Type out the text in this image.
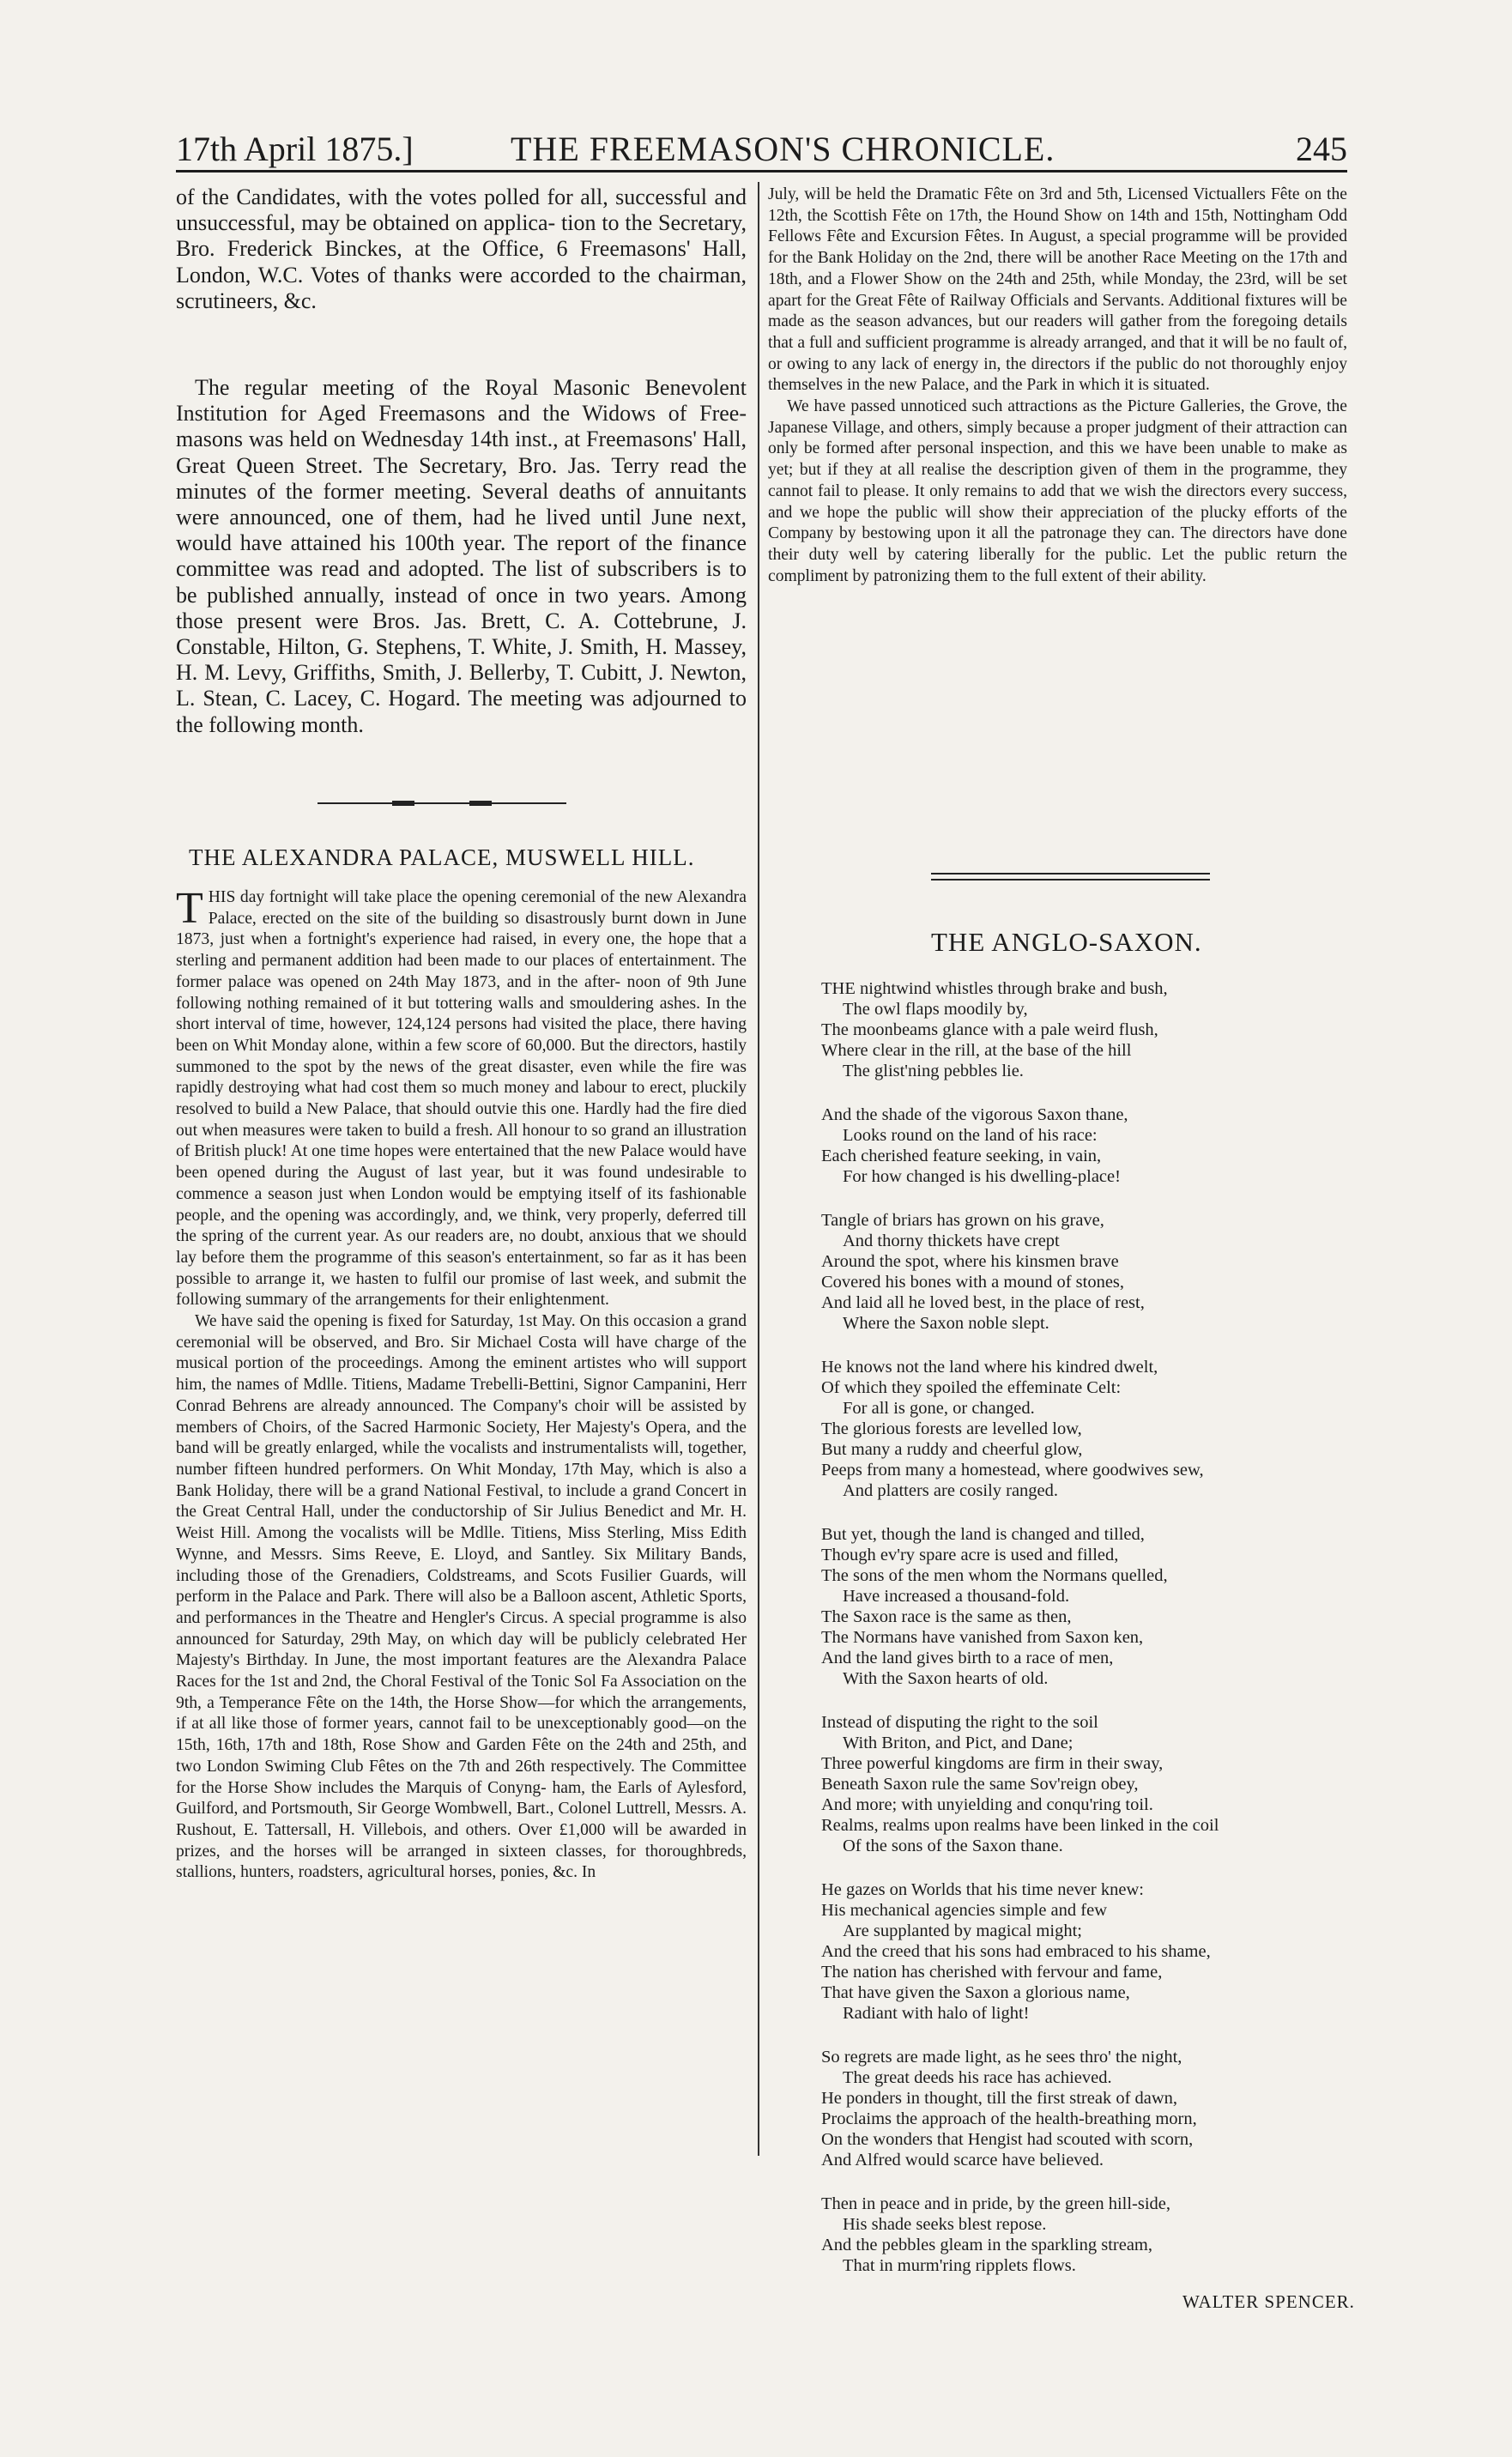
17th April 1875.]	THE FREEMASON'S CHRONICLE.	245

of the Candidates, with the votes polled for all, successful and unsuccessful, may be obtained on applica- tion to the Secretary, Bro. Frederick Binckes, at the Office, 6 Freemasons' Hall, London, W.C. Votes of thanks were accorded to the chairman, scrutineers, &c.

The regular meeting of the Royal Masonic Benevolent Institution for Aged Freemasons and the Widows of Free- masons was held on Wednesday 14th inst., at Freemasons' Hall, Great Queen Street. The Secretary, Bro. Jas. Terry read the minutes of the former meeting. Several deaths of annuitants were announced, one of them, had he lived until June next, would have attained his 100th year. The report of the finance committee was read and adopted. The list of subscribers is to be published annually, instead of once in two years. Among those present were Bros. Jas. Brett, C. A. Cottebrune, J. Constable, Hilton, G. Stephens, T. White, J. Smith, H. Massey, H. M. Levy, Griffiths, Smith, J. Bellerby, T. Cubitt, J. Newton, L. Stean, C. Lacey, C. Hogard. The meeting was adjourned to the following month.

THE ALEXANDRA PALACE, MUSWELL HILL.

THIS day fortnight will take place the opening ceremonial of the new Alexandra Palace, erected on the site of the building so disastrously burnt down in June 1873, just when a fortnight's experience had raised, in every one, the hope that a sterling and permanent addition had been made to our places of entertainment. The former palace was opened on 24th May 1873, and in the after- noon of 9th June following nothing remained of it but tottering walls and smouldering ashes. In the short interval of time, however, 124,124 persons had visited the place, there having been on Whit Monday alone, within a few score of 60,000. But the directors, hastily summoned to the spot by the news of the great disaster, even while the fire was rapidly destroying what had cost them so much money and labour to erect, pluckily resolved to build a New Palace, that should outvie this one. Hardly had the fire died out when measures were taken to build a fresh. All honour to so grand an illustration of British pluck! At one time hopes were entertained that the new Palace would have been opened during the August of last year, but it was found undesirable to commence a season just when London would be emptying itself of its fashionable people, and the opening was accordingly, and, we think, very properly, deferred till the spring of the current year. As our readers are, no doubt, anxious that we should lay before them the programme of this season's entertainment, so far as it has been possible to arrange it, we hasten to fulfil our promise of last week, and submit the following summary of the arrangements for their enlightenment.

We have said the opening is fixed for Saturday, 1st May. On this occasion a grand ceremonial will be observed, and Bro. Sir Michael Costa will have charge of the musical portion of the proceedings. Among the eminent artistes who will support him, the names of Mdlle. Titiens, Madame Trebelli-Bettini, Signor Campanini, Herr Conrad Behrens are already announced. The Company's choir will be assisted by members of Choirs, of the Sacred Harmonic Society, Her Majesty's Opera, and the band will be greatly enlarged, while the vocalists and instrumentalists will, together, number fifteen hundred performers. On Whit Monday, 17th May, which is also a Bank Holiday, there will be a grand National Festival, to include a grand Concert in the Great Central Hall, under the conductorship of Sir Julius Benedict and Mr. H. Weist Hill. Among the vocalists will be Mdlle. Titiens, Miss Sterling, Miss Edith Wynne, and Messrs. Sims Reeve, E. Lloyd, and Santley. Six Military Bands, including those of the Grenadiers, Coldstreams, and Scots Fusilier Guards, will perform in the Palace and Park. There will also be a Balloon ascent, Athletic Sports, and performances in the Theatre and Hengler's Circus. A special programme is also announced for Saturday, 29th May, on which day will be publicly celebrated Her Majesty's Birthday. In June, the most important features are the Alexandra Palace Races for the 1st and 2nd, the Choral Festival of the Tonic Sol Fa Association on the 9th, a Temperance Fête on the 14th, the Horse Show—for which the arrangements, if at all like those of former years, cannot fail to be unexceptionably good—on the 15th, 16th, 17th and 18th, Rose Show and Garden Fête on the 24th and 25th, and two London Swiming Club Fêtes on the 7th and 26th respectively. The Committee for the Horse Show includes the Marquis of Conyng- ham, the Earls of Aylesford, Guilford, and Portsmouth, Sir George Wombwell, Bart., Colonel Luttrell, Messrs. A. Rushout, E. Tattersall, H. Villebois, and others. Over £1,000 will be awarded in prizes, and the horses will be arranged in sixteen classes, for thoroughbreds, stallions, hunters, roadsters, agricultural horses, ponies, &c. In

July, will be held the Dramatic Fête on 3rd and 5th, Licensed Victuallers Fête on the 12th, the Scottish Fête on 17th, the Hound Show on 14th and 15th, Nottingham Odd Fellows Fête and Excursion Fêtes. In August, a special programme will be provided for the Bank Holiday on the 2nd, there will be another Race Meeting on the 17th and 18th, and a Flower Show on the 24th and 25th, while Monday, the 23rd, will be set apart for the Great Fête of Railway Officials and Servants. Additional fixtures will be made as the season advances, but our readers will gather from the foregoing details that a full and sufficient programme is already arranged, and that it will be no fault of, or owing to any lack of energy in, the directors if the public do not thoroughly enjoy themselves in the new Palace, and the Park in which it is situated.

We have passed unnoticed such attractions as the Picture Galleries, the Grove, the Japanese Village, and others, simply because a proper judgment of their attraction can only be formed after personal inspection, and this we have been unable to make as yet; but if they at all realise the description given of them in the programme, they cannot fail to please. It only remains to add that we wish the directors every success, and we hope the public will show their appreciation of the plucky efforts of the Company by bestowing upon it all the patronage they can. The directors have done their duty well by catering liberally for the public. Let the public return the compliment by patronizing them to the full extent of their ability.

THE ANGLO-SAXON.
THE nightwind whistles through brake and bush,
The owl flaps moodily by,
The moonbeams glance with a pale weird flush,
Where clear in the rill, at the base of the hill
The glist'ning pebbles lie.
And the shade of the vigorous Saxon thane,
Looks round on the land of his race:
Each cherished feature seeking, in vain,
For how changed is his dwelling-place!
Tangle of briars has grown on his grave,
And thorny thickets have crept
Around the spot, where his kinsmen brave
Covered his bones with a mound of stones,
And laid all he loved best, in the place of rest,
Where the Saxon noble slept.
He knows not the land where his kindred dwelt,
Of which they spoiled the effeminate Celt:
For all is gone, or changed.
The glorious forests are levelled low,
But many a ruddy and cheerful glow,
Peeps from many a homestead, where goodwives sew,
And platters are cosily ranged.
But yet, though the land is changed and tilled,
Though ev'ry spare acre is used and filled,
The sons of the men whom the Normans quelled,
Have increased a thousand-fold.
The Saxon race is the same as then,
The Normans have vanished from Saxon ken,
And the land gives birth to a race of men,
With the Saxon hearts of old.
Instead of disputing the right to the soil
With Briton, and Pict, and Dane;
Three powerful kingdoms are firm in their sway,
Beneath Saxon rule the same Sov'reign obey,
And more; with unyielding and conqu'ring toil.
Realms, realms upon realms have been linked in the coil
Of the sons of the Saxon thane.
He gazes on Worlds that his time never knew:
His mechanical agencies simple and few
Are supplanted by magical might;
And the creed that his sons had embraced to his shame,
The nation has cherished with fervour and fame,
That have given the Saxon a glorious name,
Radiant with halo of light!
So regrets are made light, as he sees thro' the night,
The great deeds his race has achieved.
He ponders in thought, till the first streak of dawn,
Proclaims the approach of the health-breathing morn,
On the wonders that Hengist had scouted with scorn,
And Alfred would scarce have believed.
Then in peace and in pride, by the green hill-side,
His shade seeks blest repose.
And the pebbles gleam in the sparkling stream,
That in murm'ring ripplets flows.
WALTER SPENCER.
